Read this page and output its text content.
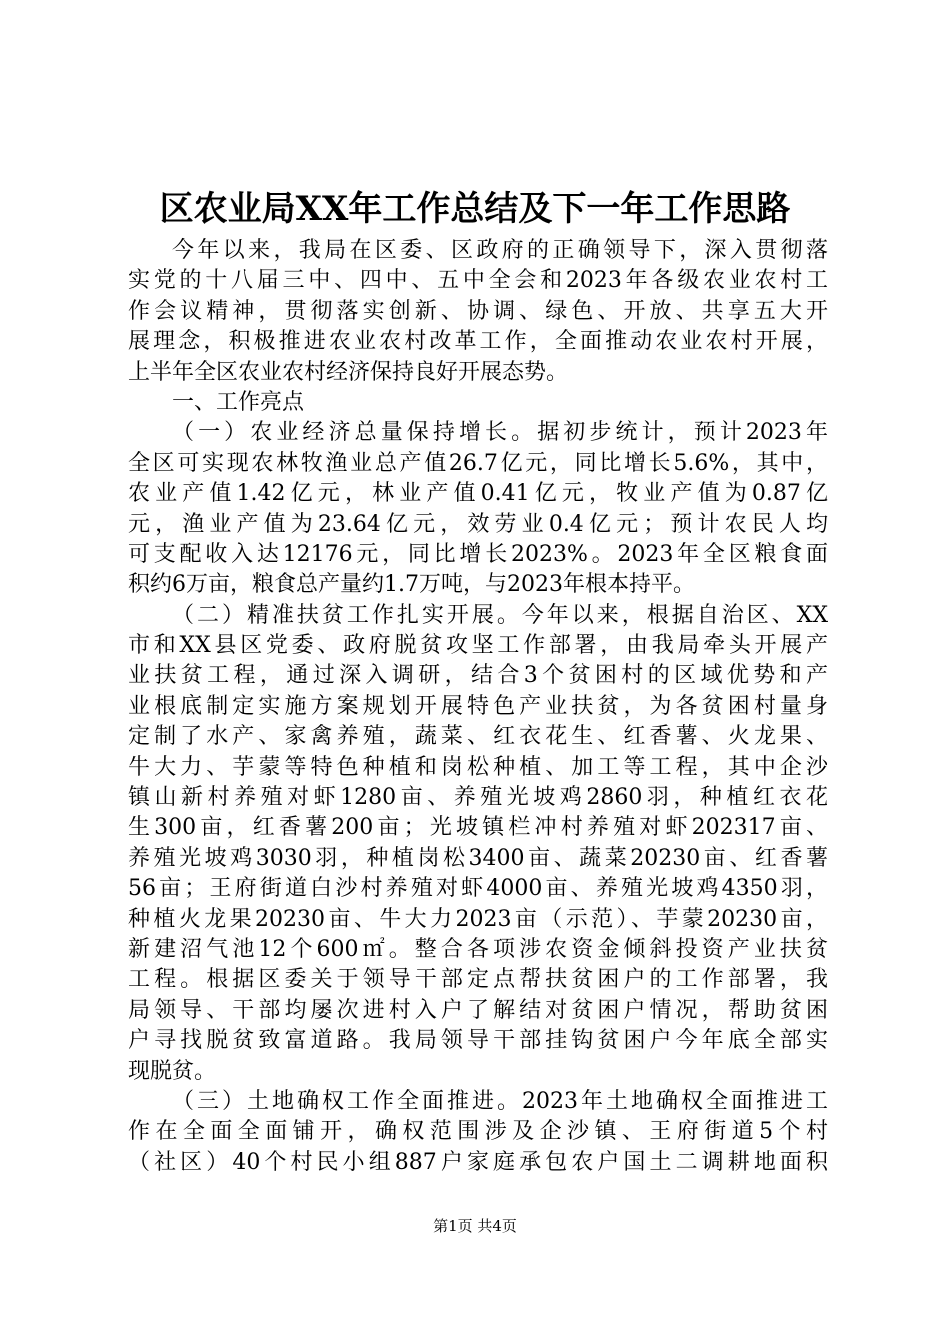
区农业局XX年工作总结及下一年工作思路
今年以来，我局在区委、区政府的正确领导下，深入贯彻落
实党的十八届三中、四中、五中全会和2023年各级农业农村工
作会议精神，贯彻落实创新、协调、绿色、开放、共享五大开
展理念，积极推进农业农村改革工作，全面推动农业农村开展，
上半年全区农业农村经济保持良好开展态势。
一、工作亮点
（一）农业经济总量保持增长。据初步统计，预计2023年
全区可实现农林牧渔业总产值26.7亿元，同比增长5.6%，其中，
农业产值1.42亿元，林业产值0.41亿元，牧业产值为0.87亿
元，渔业产值为23.64亿元，效劳业0.4亿元；预计农民人均
可支配收入达12176元，同比增长2023%。2023年全区粮食面
积约6万亩，粮食总产量约1.7万吨，与2023年根本持平。
（二）精准扶贫工作扎实开展。今年以来，根据自治区、XX
市和XX县区党委、政府脱贫攻坚工作部署，由我局牵头开展产
业扶贫工程，通过深入调研，结合3个贫困村的区域优势和产
业根底制定实施方案规划开展特色产业扶贫，为各贫困村量身
定制了水产、家禽养殖，蔬菜、红衣花生、红香薯、火龙果、
牛大力、芋蒙等特色种植和岗松种植、加工等工程，其中企沙
镇山新村养殖对虾1280亩、养殖光坡鸡2860羽，种植红衣花
生300亩，红香薯200亩；光坡镇栏冲村养殖对虾202317亩、
养殖光坡鸡3030羽，种植岗松3400亩、蔬菜20230亩、红香薯
56亩；王府街道白沙村养殖对虾4000亩、养殖光坡鸡4350羽，
种植火龙果20230亩、牛大力2023亩（示范）、芋蒙20230亩，
新建沼气池12个600㎡。整合各项涉农资金倾斜投资产业扶贫
工程。根据区委关于领导干部定点帮扶贫困户的工作部署，我
局领导、干部均屡次进村入户了解结对贫困户情况，帮助贫困
户寻找脱贫致富道路。我局领导干部挂钩贫困户今年底全部实
现脱贫。
（三）土地确权工作全面推进。2023年土地确权全面推进工
作在全面全面铺开，确权范围涉及企沙镇、王府街道5个村
（社区）40个村民小组887户家庭承包农户国土二调耕地面积
第1页 共4页
